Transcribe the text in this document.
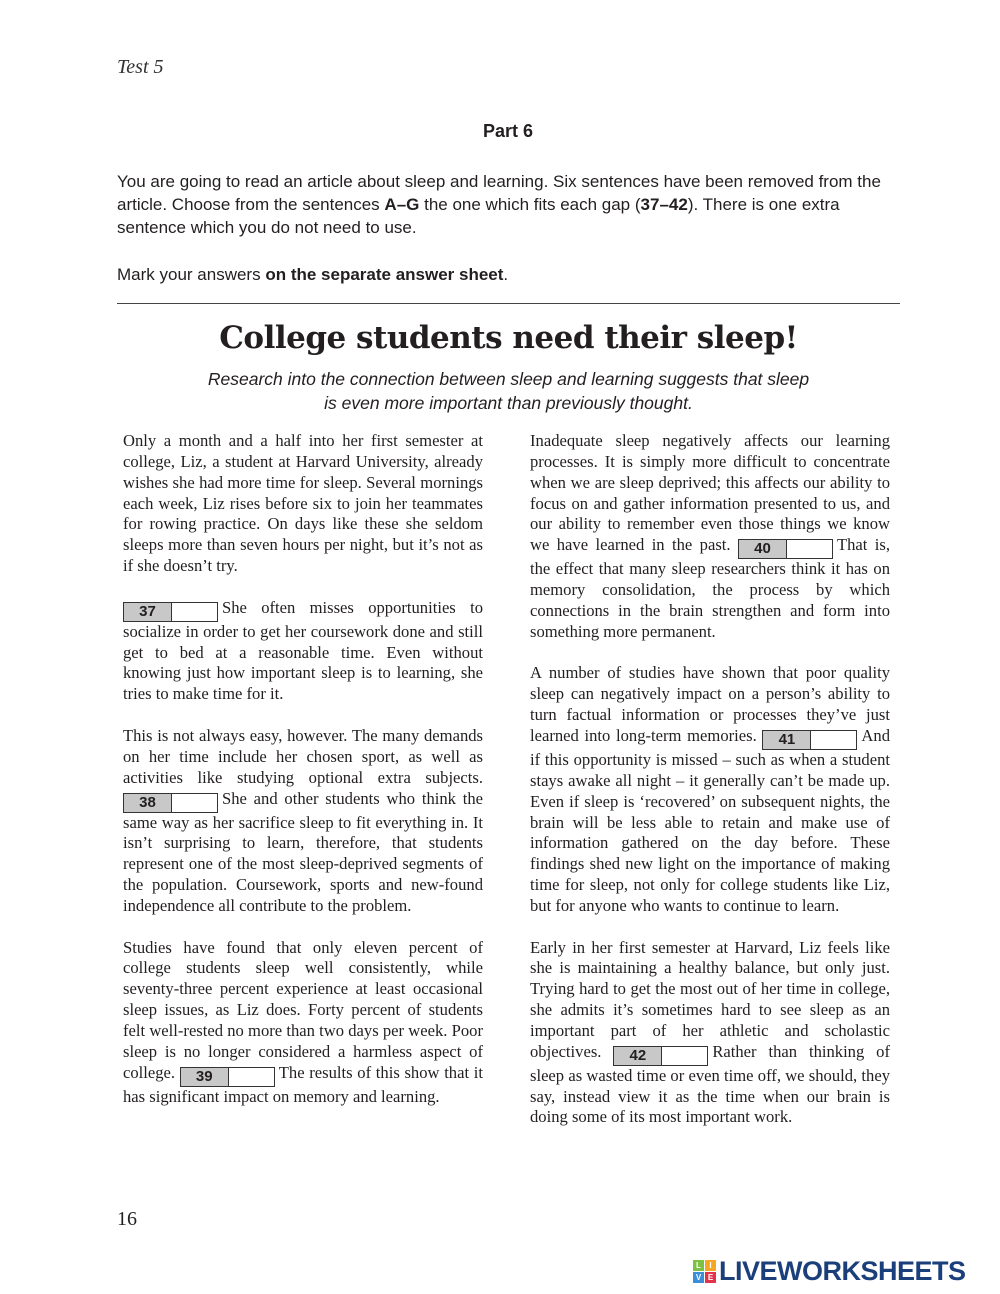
Test 5
Part 6

You are going to read an article about sleep and learning. Six sentences have been removed from the article. Choose from the sentences A–G the one which fits each gap (37–42). There is one extra sentence which you do not need to use.

Mark your answers on the separate answer sheet.

College students need their sleep!
Research into the connection between sleep and learning suggests that sleep is even more important than previously thought.

Only a month and a half into her first semester at college, Liz, a student at Harvard University, already wishes she had more time for sleep. Several mornings each week, Liz rises before six to join her teammates for rowing practice. On days like these she seldom sleeps more than seven hours per night, but it’s not as if she doesn’t try.

37	She often misses opportunities to socialize in order to get her coursework done and still get to bed at a reasonable time. Even without knowing just how important sleep is to learning, she tries to make time for it.

This is not always easy, however. The many demands on her time include her chosen sport, as well as activities like studying optional extra subjects.
38	She and other students who think the same way as her sacrifice sleep to fit everything in. It isn’t surprising to learn, therefore, that students represent one of the most sleep-deprived segments of the population. Coursework, sports and new-found independence all contribute to the problem.

Studies have found that only eleven percent of college students sleep well consistently, while seventy-three percent experience at least occasional sleep issues, as Liz does. Forty percent of students felt well-rested no more than two days per week. Poor sleep is no longer considered a harmless aspect of college.	39	The results of this show that it has significant impact on memory and learning.

Inadequate sleep negatively affects our learning processes. It is simply more difficult to concentrate when we are sleep deprived; this affects our ability to focus on and gather information presented to us, and our ability to remember even those things we know we have learned in the past.	40	That is, the effect that many sleep researchers think it has on memory consolidation, the process by which connections in the brain strengthen and form into something more permanent.

A number of studies have shown that poor quality sleep can negatively impact on a person’s ability to turn factual information or processes they’ve just learned into long-term memories.	41	And if this opportunity is missed – such as when a student stays awake all night – it generally can’t be made up. Even if sleep is ‘recovered’ on subsequent nights, the brain will be less able to retain and make use of information gathered on the day before. These findings shed new light on the importance of making time for sleep, not only for college students like Liz, but for anyone who wants to continue to learn.

Early in her first semester at Harvard, Liz feels like she is maintaining a healthy balance, but only just. Trying hard to get the most out of her time in college, she admits it’s sometimes hard to see sleep as an important part of her athletic and scholastic objectives.	42	Rather than thinking of sleep as wasted time or even time off, we should, they say, instead view it as the time when our brain is doing some of its most important work.

16
L	I
V E LIVEWORKSHEETS
